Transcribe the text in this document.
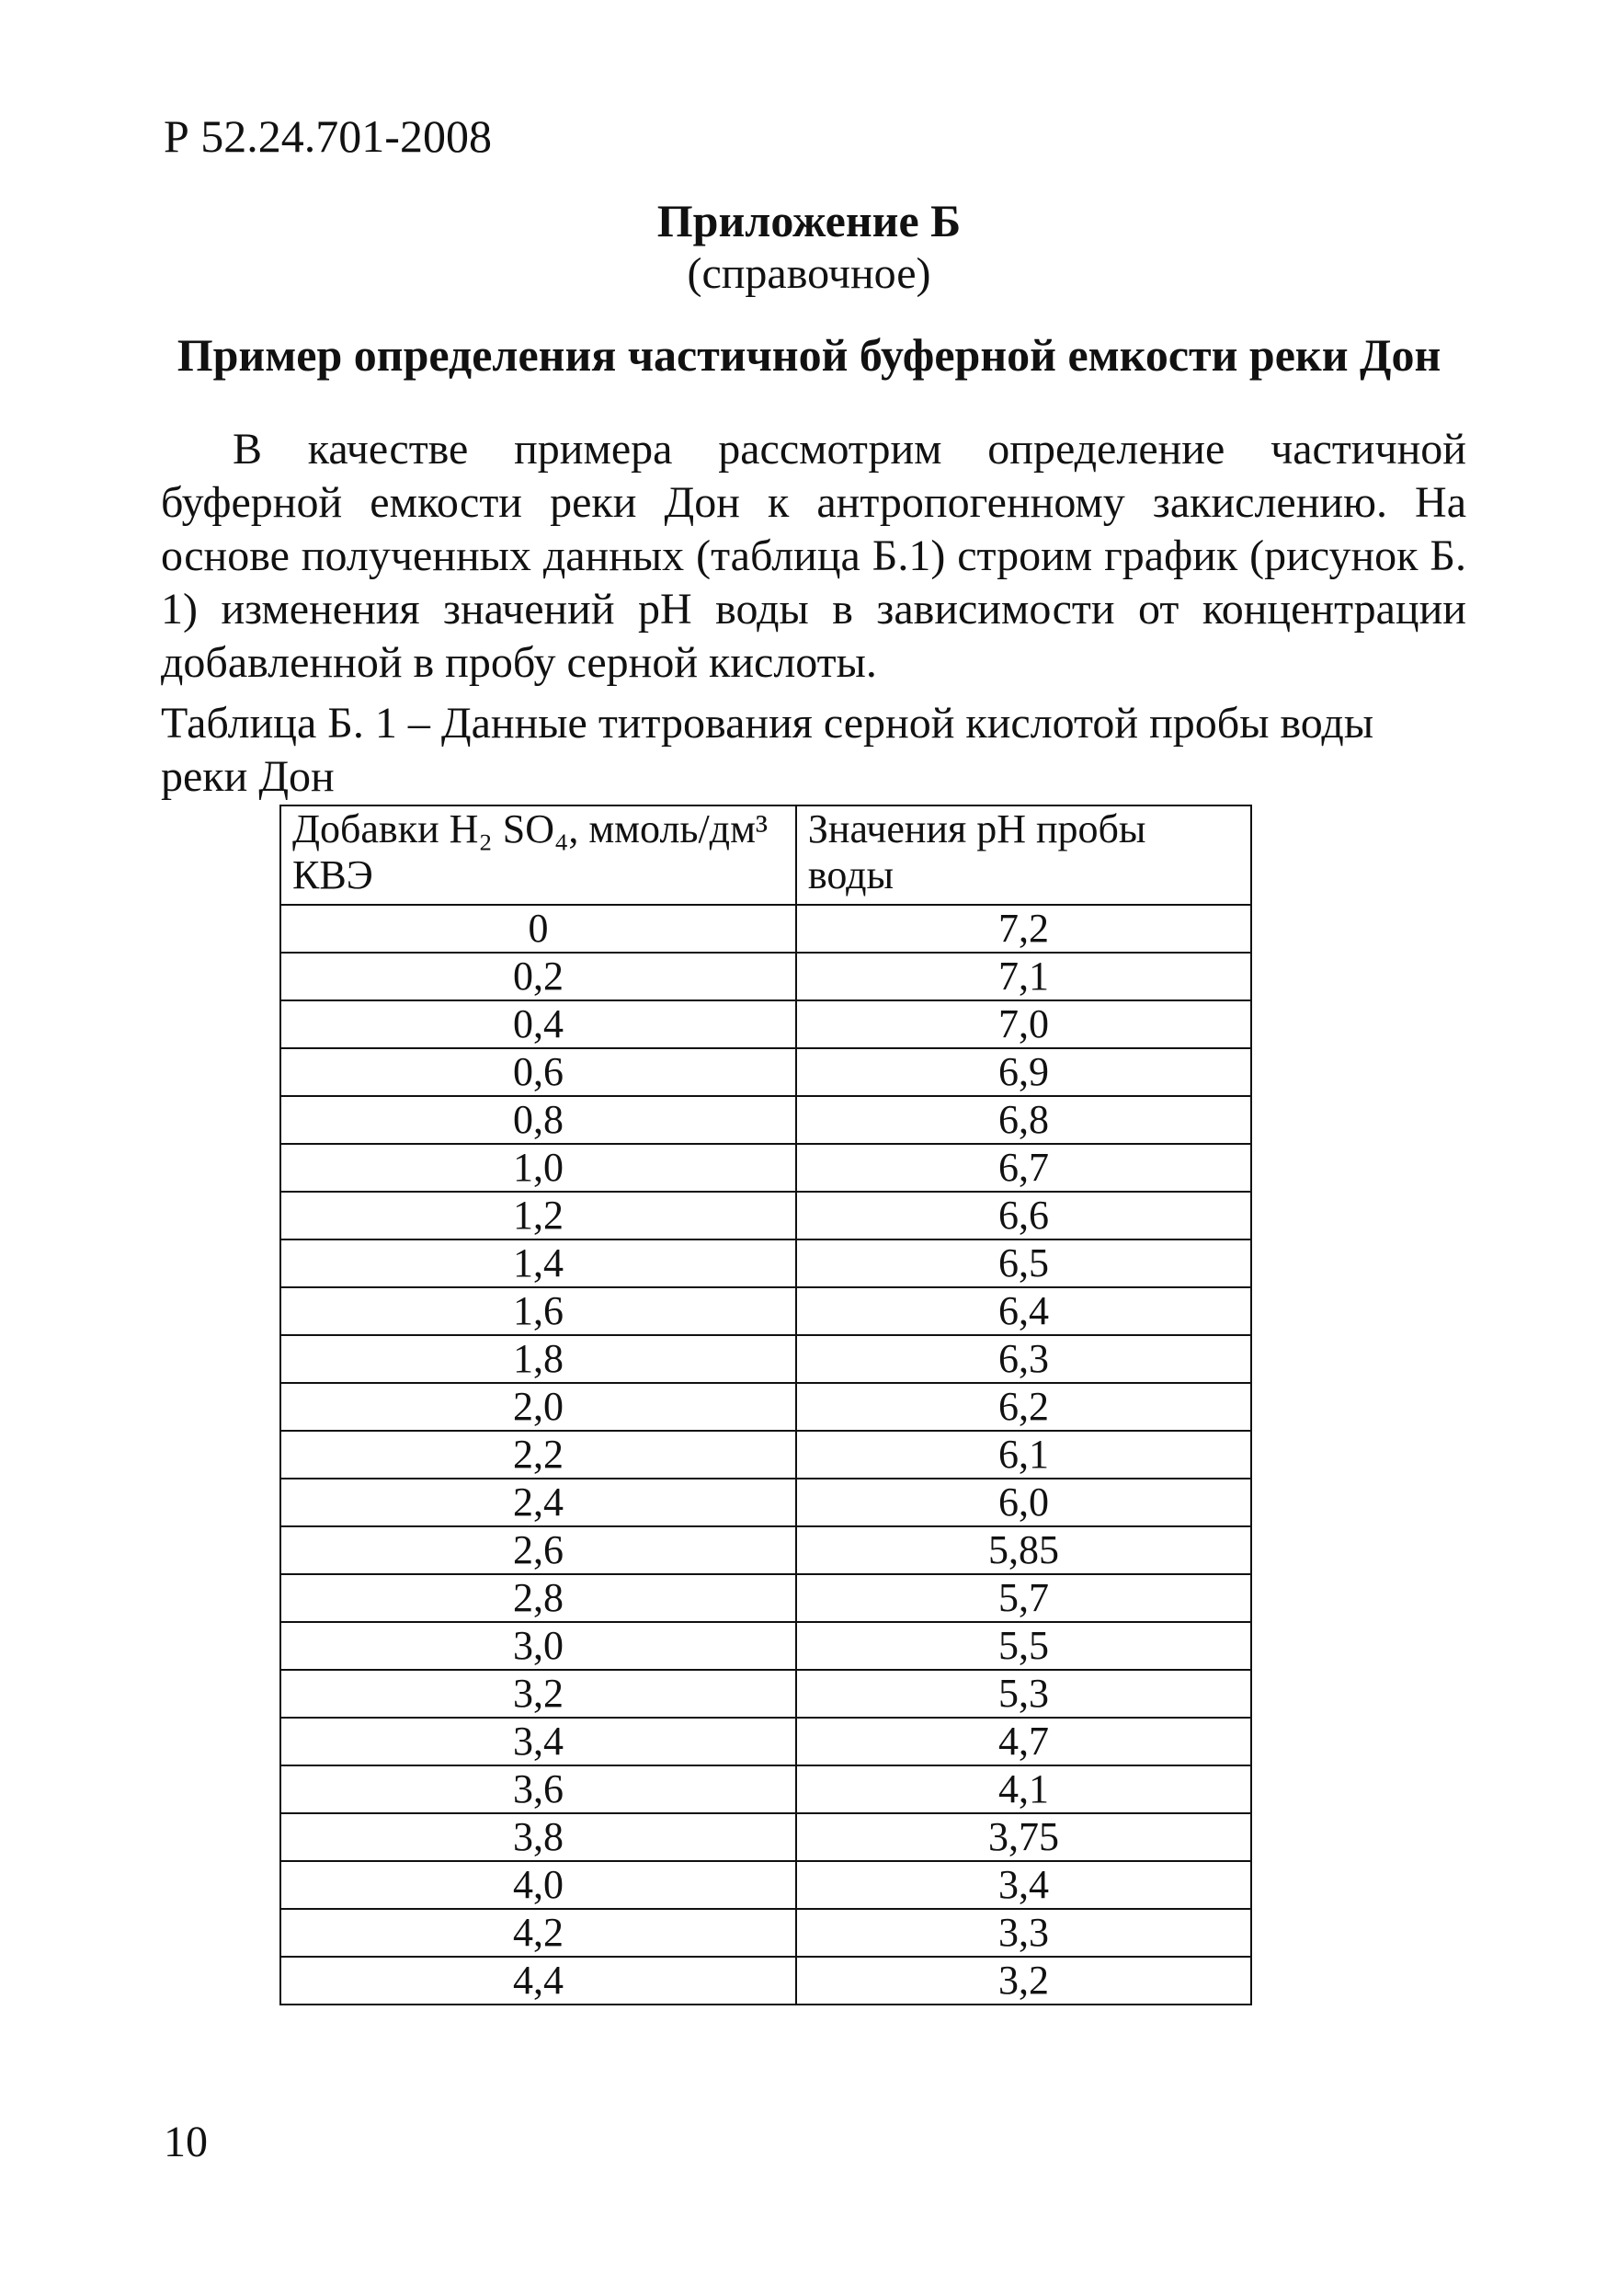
Р 52.24.701-2008

Приложение Б

(справочное)

Пример определения частичной буферной емкости реки Дон

В качестве примера рассмотрим определение частичной буферной емкости реки Дон к антропогенному закислению. На основе полученных данных (таблица Б.1) строим график (рисунок Б. 1) изменения значений pH воды в зависимости от концентрации добавленной в пробу серной кислоты.

Таблица Б. 1 – Данные титрования серной кислотой пробы воды реки Дон

Добавки H₂ SO₄, ммоль/дм³ КВЭ	Значения pH пробы воды
0	7,2
0,2	7,1
0,4	7,0
0,6	6,9
0,8	6,8
1,0	6,7
1,2	6,6
1,4	6,5
1,6	6,4
1,8	6,3
2,0	6,2
2,2	6,1
2,4	6,0
2,6	5,85
2,8	5,7
3,0	5,5
3,2	5,3
3,4	4,7
3,6	4,1
3,8	3,75
4,0	3,4
4,2	3,3
4,4	3,2

10
